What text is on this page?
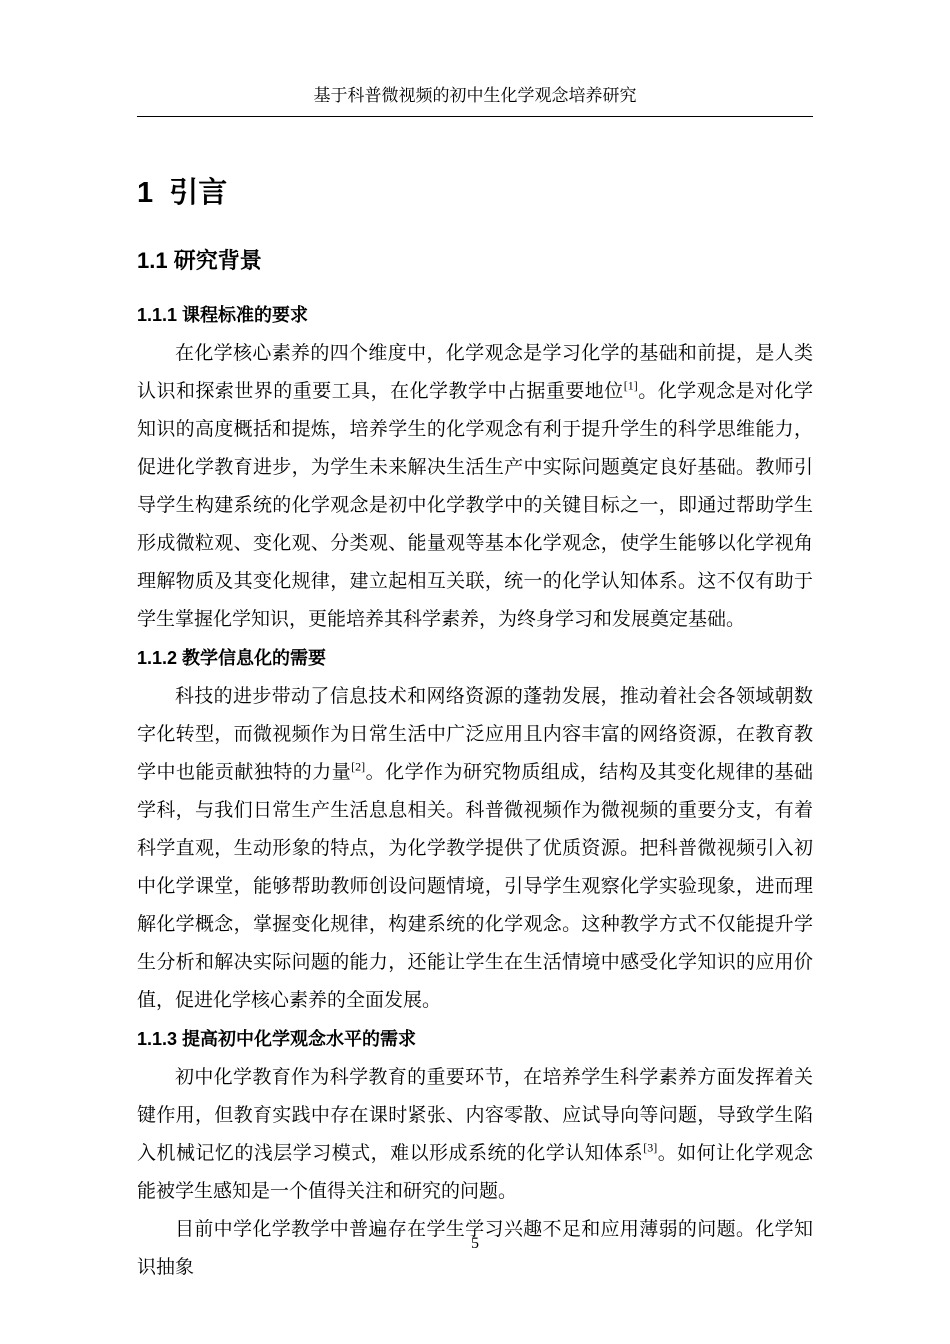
基于科普微视频的初中生化学观念培养研究
1  引言
1.1 研究背景
1.1.1 课程标准的要求

在化学核心素养的四个维度中，化学观念是学习化学的基础和前提，是人类认识和探索世界的重要工具，在化学教学中占据重要地位[1]。化学观念是对化学知识的高度概括和提炼，培养学生的化学观念有利于提升学生的科学思维能力，促进化学教育进步，为学生未来解决生活生产中实际问题奠定良好基础。教师引导学生构建系统的化学观念是初中化学教学中的关键目标之一，即通过帮助学生形成微粒观、变化观、分类观、能量观等基本化学观念，使学生能够以化学视角理解物质及其变化规律，建立起相互关联，统一的化学认知体系。这不仅有助于学生掌握化学知识，更能培养其科学素养，为终身学习和发展奠定基础。

1.1.2 教学信息化的需要

科技的进步带动了信息技术和网络资源的蓬勃发展，推动着社会各领域朝数字化转型，而微视频作为日常生活中广泛应用且内容丰富的网络资源，在教育教学中也能贡献独特的力量[2]。化学作为研究物质组成，结构及其变化规律的基础学科，与我们日常生产生活息息相关。科普微视频作为微视频的重要分支，有着科学直观，生动形象的特点，为化学教学提供了优质资源。把科普微视频引入初中化学课堂，能够帮助教师创设问题情境，引导学生观察化学实验现象，进而理解化学概念，掌握变化规律，构建系统的化学观念。这种教学方式不仅能提升学生分析和解决实际问题的能力，还能让学生在生活情境中感受化学知识的应用价值，促进化学核心素养的全面发展。

1.1.3 提高初中化学观念水平的需求

初中化学教育作为科学教育的重要环节，在培养学生科学素养方面发挥着关键作用，但教育实践中存在课时紧张、内容零散、应试导向等问题，导致学生陷入机械记忆的浅层学习模式，难以形成系统的化学认知体系[3]。如何让化学观念能被学生感知是一个值得关注和研究的问题。

目前中学化学教学中普遍存在学生学习兴趣不足和应用薄弱的问题。化学知识抽象

5
